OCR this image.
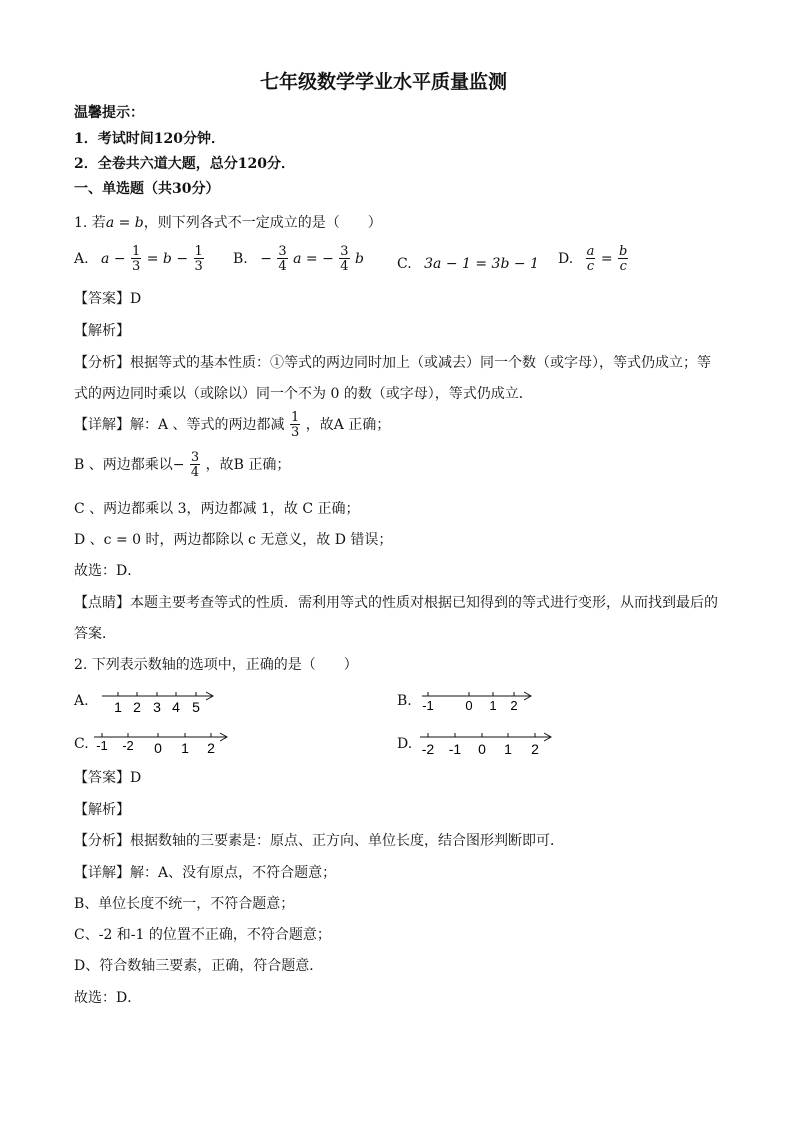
七年级数学学业水平质量监测
温馨提示：
1．考试时间120分钟．
2．全卷共六道大题，总分120分．
一、单选题（共30分）
1. 若a = b，则下列各式不一定成立的是（　　）
A. $a - \frac{1}{3} = b - \frac{1}{3} B$. − $\frac{3}{4}$ a = − $\frac{3}{4}$ b C. 3a − 1 = 3b − 1 D. $\frac{a}{c} = \frac{b}{c}$
【答案】D
【解析】
【分析】根据等式的基本性质：①等式的两边同时加上（或减去）同一个数（或字母），等式仍成立；等
式的两边同时乘以（或除以）同一个不为 0 的数（或字母），等式仍成立．
【详解】解：A 、等式的两边都减 $\frac{1}{3}$ ，故A 正确；
B 、两边都乘以− $\frac{3}{4}$ ，故B 正确；
C 、两边都乘以 3，两边都减 1，故 C 正确；
D 、c = 0 时，两边都除以 c 无意义，故 D 错误；
故选：D．
【点睛】本题主要考查等式的性质．需利用等式的性质对根据已知得到的等式进行变形，从而找到最后的
答案．
2. 下列表示数轴的选项中，正确的是（　　）
A. 1 2 3 4 5	B. -1 0 1 2
C. -1 -2 0 1 2	D. -2 -1 0 1 2
【答案】D
【解析】
【分析】根据数轴的三要素是：原点、正方向、单位长度，结合图形判断即可．
【详解】解：A、没有原点，不符合题意；
B、单位长度不统一，不符合题意；
C、-2 和-1 的位置不正确，不符合题意；
D、符合数轴三要素，正确，符合题意．
故选：D．
